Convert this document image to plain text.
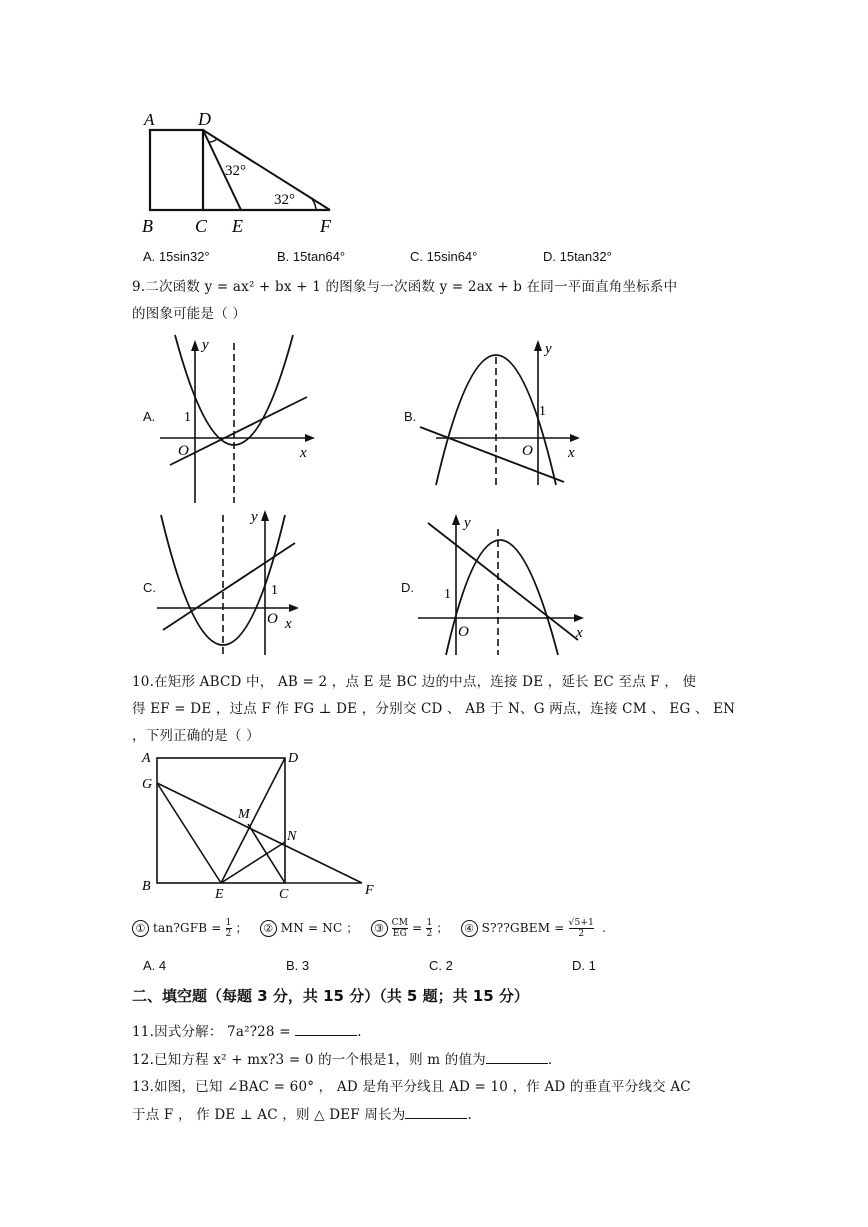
A D
B C E	F
32°
32°
A. 15sin32°	B. 15tan64°	C. 15sin64°	D. 15tan32°
9.二次函数 y = ax² + bx + 1 的图象与一次函数 y = 2ax + b 在同一平面直角坐标系中
的图象可能是（ ）
A.
y
x
O
1	B.
y
x
O
1
C.
y
x
O
1	D.
y
x
O
1
10.在矩形 ABCD 中， AB = 2 ，点 E 是 BC 边的中点，连接 DE ，延长 EC 至点 F ， 使
得 EF = DE ，过点 F 作 FG ⊥ DE ，分别交 CD 、 AB 于 N、G 两点，连接 CM 、 EG 、 EN
，下列正确的是（ ）
A	D
G
M
N
B
E	C	F
① tan?GFB = $\frac{1}{2}$ ； ② MN = NC ； ③ $\frac{CM}{EG} = \frac{1}{2}$ ； ④ S???GBEM = $\frac{√5+1}{2}$ .
A. 4	B. 3	C. 2	D. 1
二、填空题（每题 3 分，共 15 分）（共 5 题；共 15 分）
11.因式分解： 7a²?28 =	.
12.已知方程 x² + mx?3 = 0 的一个根是1，则 m 的值为	.
13.如图，已知 ∠BAC = 60° ， AD 是角平分线且 AD = 10 ，作 AD 的垂直平分线交 AC
于点 F ， 作 DE ⊥ AC ，则 △ DEF 周长为	.
